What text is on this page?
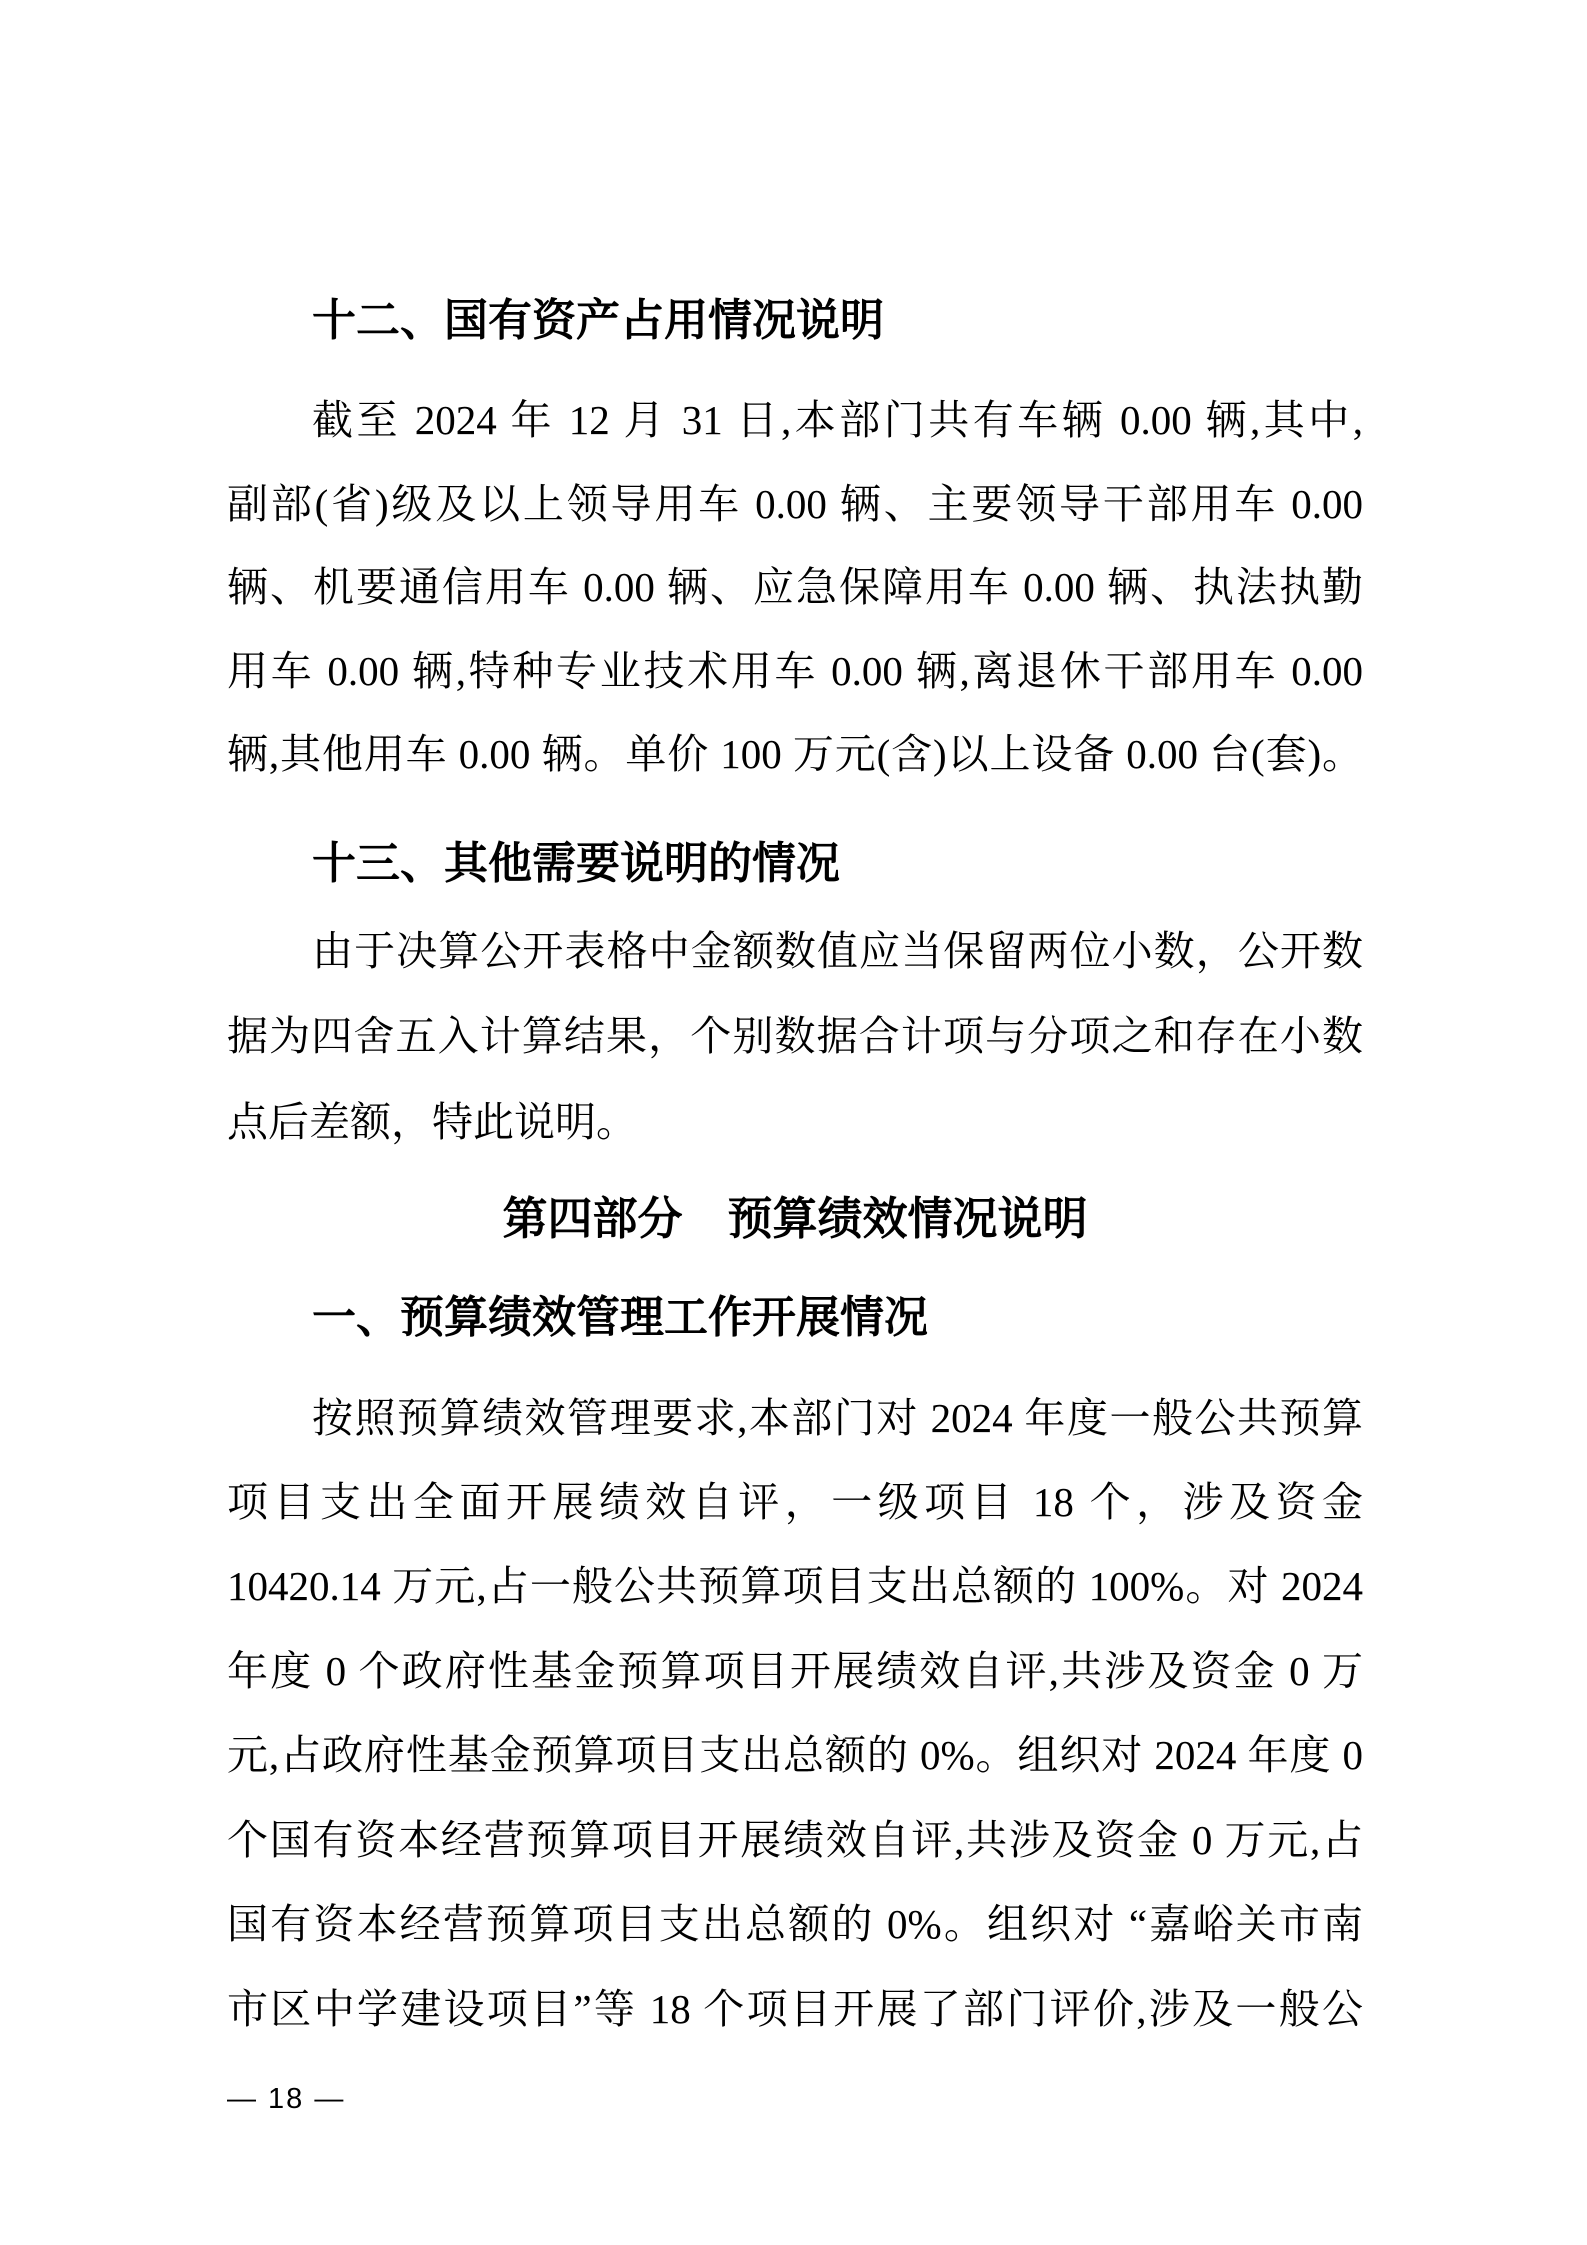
十二、国有资产占用情况说明
截至 2024 年 12 月 31 日,本部门共有车辆 0.00 辆,其中,
副部(省)级及以上领导用车 0.00 辆、主要领导干部用车 0.00
辆、机要通信用车 0.00 辆、应急保障用车 0.00 辆、执法执勤
用车 0.00 辆,特种专业技术用车 0.00 辆,离退休干部用车 0.00
辆,其他用车 0.00 辆。单价 100 万元(含)以上设备 0.00 台(套)。
十三、其他需要说明的情况
由于决算公开表格中金额数值应当保留两位小数，公开数
据为四舍五入计算结果，个别数据合计项与分项之和存在小数
点后差额，特此说明。
第四部分　预算绩效情况说明
一、预算绩效管理工作开展情况
按照预算绩效管理要求,本部门对 2024 年度一般公共预算
项目支出全面开展绩效自评，一级项目 18 个，涉及资金
10420.14 万元,占一般公共预算项目支出总额的 100%。对 2024
年度 0 个政府性基金预算项目开展绩效自评,共涉及资金 0 万
元,占政府性基金预算项目支出总额的 0%。组织对 2024 年度 0
个国有资本经营预算项目开展绩效自评,共涉及资金 0 万元,占
国有资本经营预算项目支出总额的 0%。组织对 “嘉峪关市南
市区中学建设项目”等 18 个项目开展了部门评价,涉及一般公
— 18 —
